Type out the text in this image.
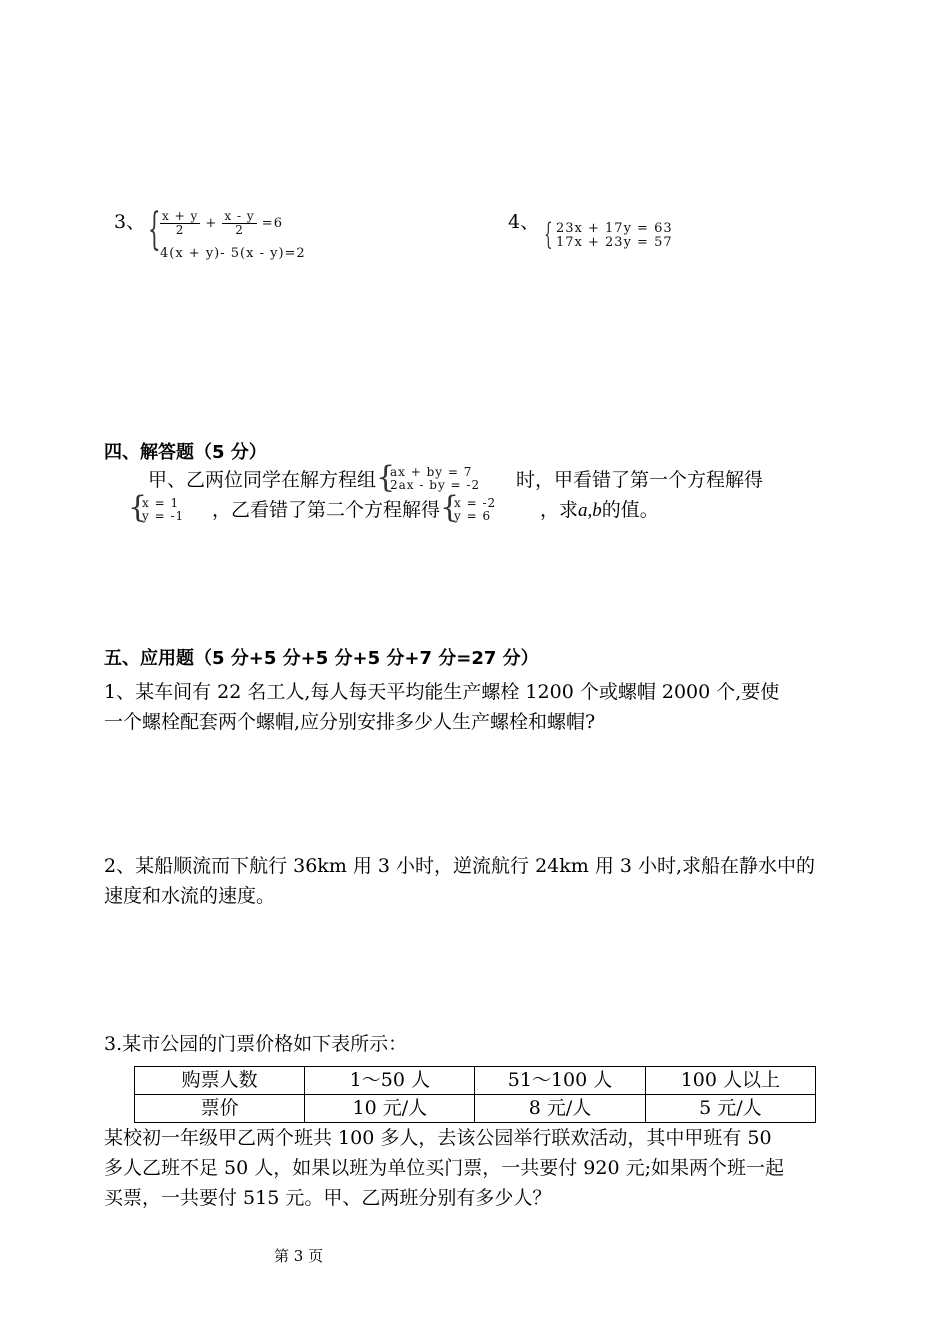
3、 { $\frac{x + y}{2} + \frac{x - y}{2} =6$
4(x + y)- 5(x - y)=2
4、 { 23x + 17y = 63
17x + 23y = 57
四、解答题（5 分）
甲、乙两位同学在解方程组 {
ax + by = 7
2ax - by = -2 时，甲看错了第一个方程解得
{
x = 1
y = -1 ，乙看错了第二个方程解得 {
x = -2
y = 6	，求a,b的值。
五、应用题（5 分+5 分+5 分+5 分+7 分=27 分）
1、某车间有 22 名工人,每人每天平均能生产螺栓 1200 个或螺帽 2000 个,要使
一个螺栓配套两个螺帽,应分别安排多少人生产螺栓和螺帽?
2、某船顺流而下航行 36km 用 3 小时，逆流航行 24km 用 3 小时,求船在静水中的
速度和水流的速度。
3.某市公园的门票价格如下表所示：
购票人数	1～50 人	51～100 人	100 人以上
票价	10 元/人	8 元/人	5 元/人
某校初一年级甲乙两个班共 100 多人，去该公园举行联欢活动，其中甲班有 50
多人乙班不足 50 人，如果以班为单位买门票，一共要付 920 元;如果两个班一起
买票，一共要付 515 元。甲、乙两班分别有多少人？
第 3 页
